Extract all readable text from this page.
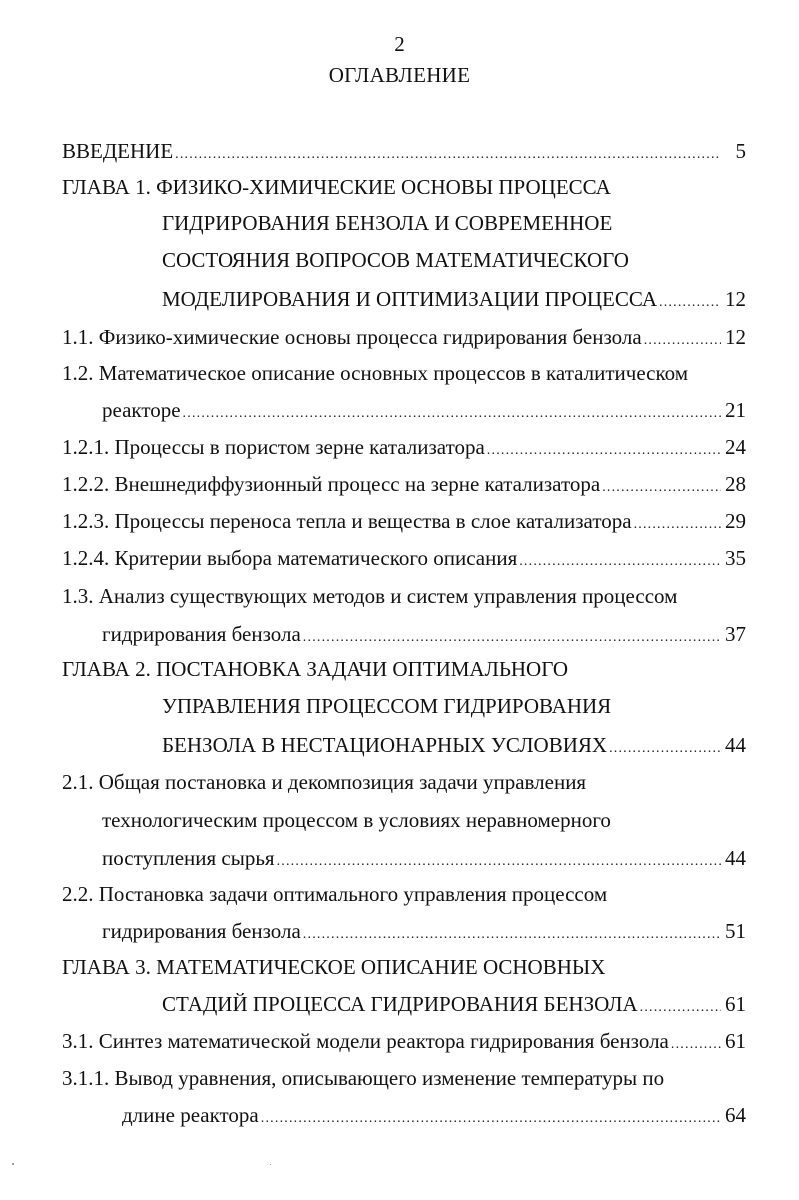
2
ОГЛАВЛЕНИЕ
ВВЕДЕНИЕ .....	5
ГЛАВА 1. ФИЗИКО-ХИМИЧЕСКИЕ ОСНОВЫ ПРОЦЕССА
ГИДРИРОВАНИЯ БЕНЗОЛА И СОВРЕМЕННОЕ
СОСТОЯНИЯ ВОПРОСОВ МАТЕМАТИЧЕСКОГО
МОДЕЛИРОВАНИЯ И ОПТИМИЗАЦИИ ПРОЦЕССА .....	12
1.1. Физико-химические основы процесса гидрирования бензола .....	12
1.2. Математическое описание основных процессов в каталитическом
реакторе .....	21
1.2.1. Процессы в пористом зерне катализатора .....	24
1.2.2. Внешнедиффузионный процесс на зерне катализатора .....	28
1.2.3. Процессы переноса тепла и вещества в слое катализатора .....	29
1.2.4. Критерии выбора математического описания .....	35
1.3. Анализ существующих методов и систем управления процессом
гидрирования бензола .....	37
ГЛАВА 2. ПОСТАНОВКА ЗАДАЧИ ОПТИМАЛЬНОГО
УПРАВЛЕНИЯ ПРОЦЕССОМ ГИДРИРОВАНИЯ
БЕНЗОЛА В НЕСТАЦИОНАРНЫХ УСЛОВИЯХ .....	44
2.1. Общая постановка и декомпозиция задачи управления
технологическим процессом в условиях неравномерного
поступления сырья .....	44
2.2. Постановка задачи оптимального управления процессом
гидрирования бензола .....	51
ГЛАВА 3. МАТЕМАТИЧЕСКОЕ ОПИСАНИЕ ОСНОВНЫХ
СТАДИЙ ПРОЦЕССА ГИДРИРОВАНИЯ БЕНЗОЛА .....	61
3.1. Синтез математической модели реактора гидрирования бензола .....	61
3.1.1. Вывод уравнения, описывающего изменение температуры по
длине реактора .....	64
